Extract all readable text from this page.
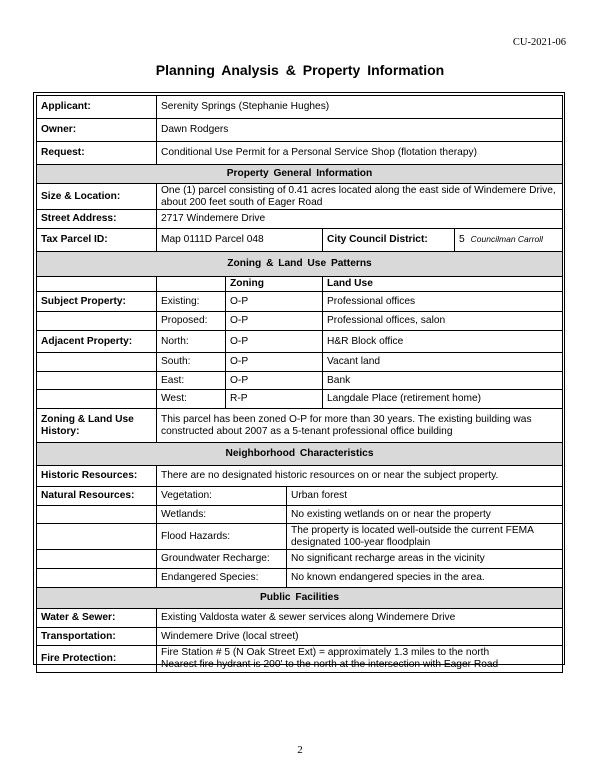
CU-2021-06
Planning Analysis & Property Information
Applicant:	Serenity Springs (Stephanie Hughes)				
Owner:	Dawn Rodgers				
Request:	Conditional Use Permit for a Personal Service Shop (flotation therapy)				
Property General Information					
Size & Location:	One (1) parcel consisting of 0.41 acres located along the east side of Windemere Drive, about 200 feet south of Eager Road				
Street Address:	2717 Windemere Drive				
Tax Parcel ID:	Map 0111D Parcel 048			City Council District:	5 Councilman Carroll
Zoning & Land Use Patterns					
		Zoning		Land Use	
Subject Property:	Existing:	O-P		Professional offices	
	Proposed:	O-P		Professional offices, salon	
Adjacent Property:	North:	O-P		H&R Block office	
	South:	O-P		Vacant land	
	East:	O-P		Bank	
	West:	R-P		Langdale Place (retirement home)	
Zoning & Land Use History:	This parcel has been zoned O-P for more than 30 years. The existing building was constructed about 2007 as a 5-tenant professional office building				
Neighborhood Characteristics					
Historic Resources:	There are no designated historic resources on or near the subject property.				
Natural Resources:	Vegetation:		Urban forest		
	Wetlands:		No existing wetlands on or near the property		
	Flood Hazards:		The property is located well-outside the current FEMA designated 100-year floodplain		
	Groundwater Recharge:		No significant recharge areas in the vicinity		
	Endangered Species:		No known endangered species in the area.		
Public Facilities					
Water & Sewer:	Existing Valdosta water & sewer services along Windemere Drive				
Transportation:	Windemere Drive (local street)				
Fire Protection:	Fire Station # 5 (N Oak Street Ext) = approximately 1.3 miles to the north
Nearest fire hydrant is 200' to the north at the intersection with Eager Road				
2
